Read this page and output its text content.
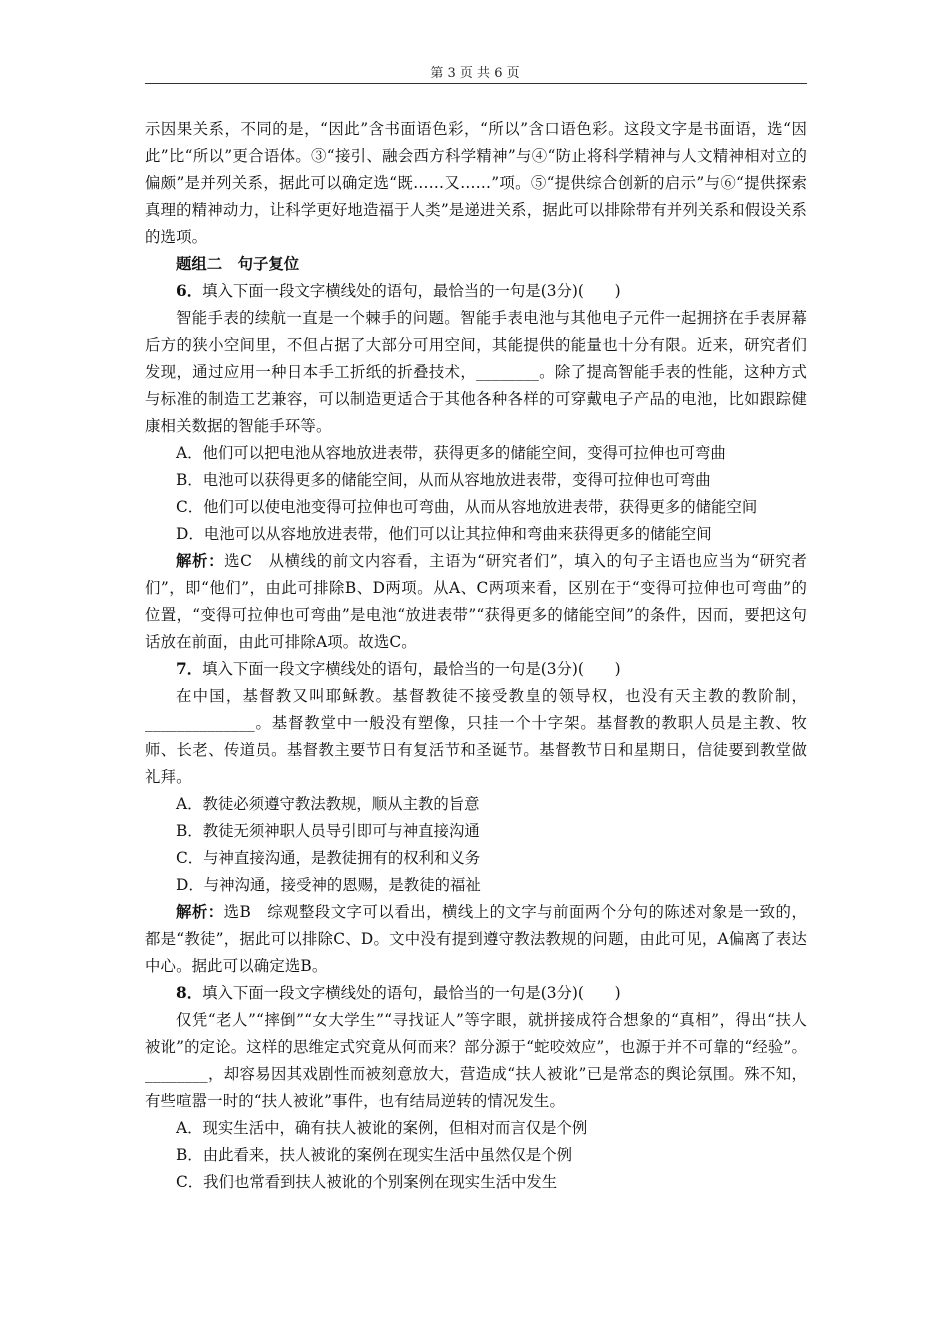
第 3 页 共 6 页

示因果关系，不同的是，“因此”含书面语色彩，“所以”含口语色彩。这段文字是书面语，选“因此”比“所以”更合语体。③“接引、融会西方科学精神”与④“防止将科学精神与人文精神相对立的偏颇”是并列关系，据此可以确定选“既……又……”项。⑤“提供综合创新的启示”与⑥“提供探索真理的精神动力，让科学更好地造福于人类”是递进关系，据此可以排除带有并列关系和假设关系的选项。

题组二　句子复位

6．填入下面一段文字横线处的语句，最恰当的一句是(3分)(　　)

智能手表的续航一直是一个棘手的问题。智能手表电池与其他电子元件一起拥挤在手表屏幕后方的狭小空间里，不但占据了大部分可用空间，其能提供的能量也十分有限。近来，研究者们发现，通过应用一种日本手工折纸的折叠技术，________。除了提高智能手表的性能，这种方式与标准的制造工艺兼容，可以制造更适合于其他各种各样的可穿戴电子产品的电池，比如跟踪健康相关数据的智能手环等。

A．他们可以把电池从容地放进表带，获得更多的储能空间，变得可拉伸也可弯曲

B．电池可以获得更多的储能空间，从而从容地放进表带，变得可拉伸也可弯曲

C．他们可以使电池变得可拉伸也可弯曲，从而从容地放进表带，获得更多的储能空间

D．电池可以从容地放进表带，他们可以让其拉伸和弯曲来获得更多的储能空间

解析：选C　从横线的前文内容看，主语为“研究者们”，填入的句子主语也应当为“研究者们”，即“他们”，由此可排除B、D两项。从A、C两项来看，区别在于“变得可拉伸也可弯曲”的位置，“变得可拉伸也可弯曲”是电池“放进表带”“获得更多的储能空间”的条件，因而，要把这句话放在前面，由此可排除A项。故选C。

7．填入下面一段文字横线处的语句，最恰当的一句是(3分)(　　)

在中国，基督教又叫耶稣教。基督教徒不接受教皇的领导权，也没有天主教的教阶制，______________。基督教堂中一般没有塑像，只挂一个十字架。基督教的教职人员是主教、牧师、长老、传道员。基督教主要节日有复活节和圣诞节。基督教节日和星期日，信徒要到教堂做礼拜。

A．教徒必须遵守教法教规，顺从主教的旨意

B．教徒无须神职人员导引即可与神直接沟通

C．与神直接沟通，是教徒拥有的权利和义务

D．与神沟通，接受神的恩赐，是教徒的福祉

解析：选B　综观整段文字可以看出，横线上的文字与前面两个分句的陈述对象是一致的，都是“教徒”，据此可以排除C、D。文中没有提到遵守教法教规的问题，由此可见，A偏离了表达中心。据此可以确定选B。

8．填入下面一段文字横线处的语句，最恰当的一句是(3分)(　　)

仅凭“老人”“摔倒”“女大学生”“寻找证人”等字眼，就拼接成符合想象的“真相”，得出“扶人被讹”的定论。这样的思维定式究竟从何而来？部分源于“蛇咬效应”，也源于并不可靠的“经验”。________，却容易因其戏剧性而被刻意放大，营造成“扶人被讹”已是常态的舆论氛围。殊不知，有些喧嚣一时的“扶人被讹”事件，也有结局逆转的情况发生。

A．现实生活中，确有扶人被讹的案例，但相对而言仅是个例

B．由此看来，扶人被讹的案例在现实生活中虽然仅是个例

C．我们也常看到扶人被讹的个别案例在现实生活中发生
